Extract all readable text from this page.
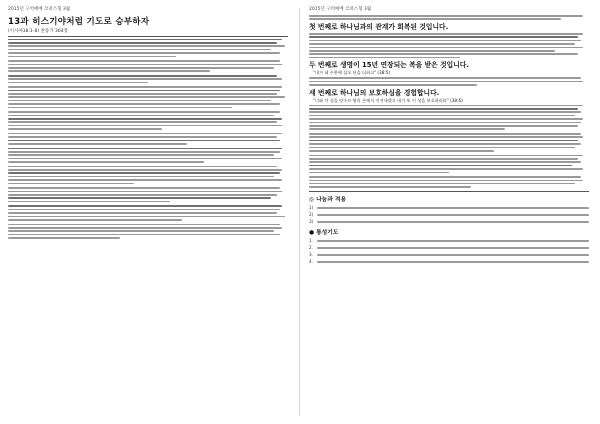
2015년 구역예배 코퍼스형 3월
13과 히스기야처럼 기도로 승부하자
(이사야38:1-8) 찬송가 364장
2015년 구역예배 코퍼스형 3월
첫 번째로 하나님과의 관계가 회복된 것입니다.
두 번째로 생명이 15년 연장되는 복을 받은 것입니다.
"내가 네 수한에 십오 년을 더하고" (38:5)
세 번째로 하나님의 보호하심을 경험합니다.
"너와 이 성을 앗수르 왕의 손에서 건져내겠고 내가 또 이 성을 보호하리라" (38:6)
◎ 나눔과 적용
1)
2)
3)
● 통성기도
1.
2.
3.
4.
